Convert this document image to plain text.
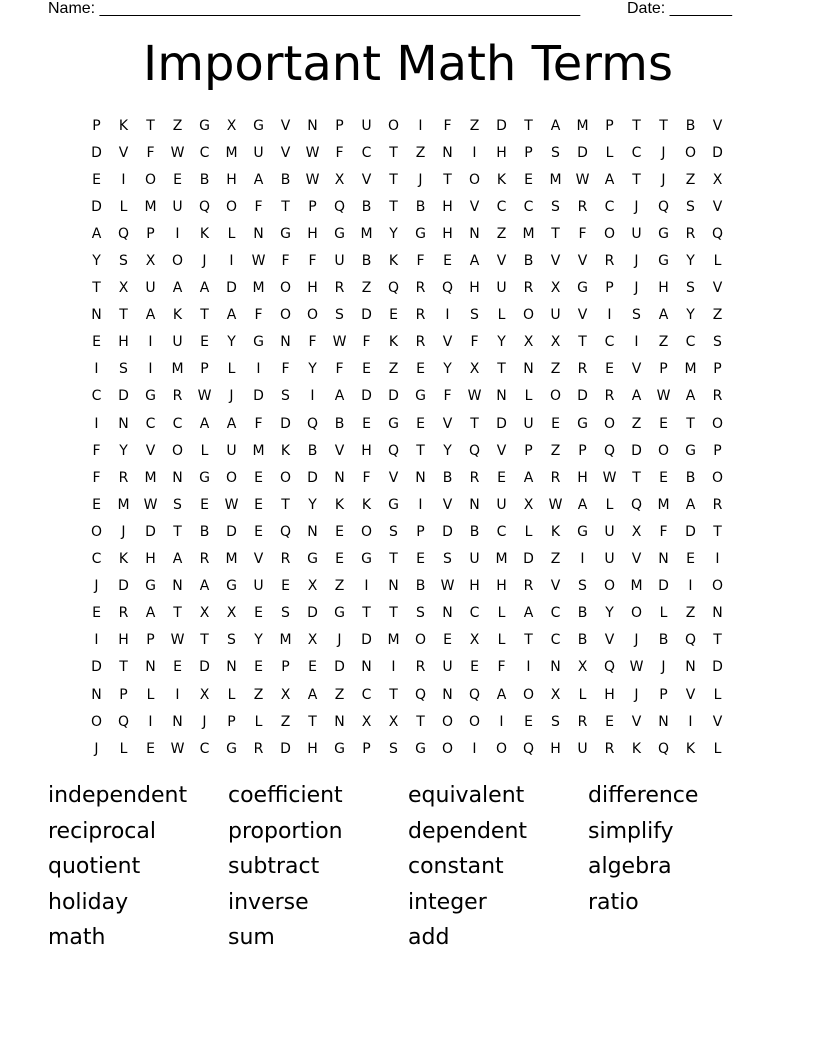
Name: ______________________________________________________	Date: _______
Important Math Terms
P	K	T	Z	G	X	G	V	N	P	U	O	I	F	Z	D	T	A	M	P	T	T	B	V
D	V	F	W	C	M	U	V	W	F	C	T	Z	N	I	H	P	S	D	L	C	J	O	D
E	I	O	E	B	H	A	B	W	X	V	T	J	T	O	K	E	M	W	A	T	J	Z	X
D	L	M	U	Q	O	F	T	P	Q	B	T	B	H	V	C	C	S	R	C	J	Q	S	V
A	Q	P	I	K	L	N	G	H	G	M	Y	G	H	N	Z	M	T	F	O	U	G	R	Q
Y	S	X	O	J	I	W	F	F	U	B	K	F	E	A	V	B	V	V	R	J	G	Y	L
T	X	U	A	A	D	M	O	H	R	Z	Q	R	Q	H	U	R	X	G	P	J	H	S	V
N	T	A	K	T	A	F	O	O	S	D	E	R	I	S	L	O	U	V	I	S	A	Y	Z
E	H	I	U	E	Y	G	N	F	W	F	K	R	V	F	Y	X	X	T	C	I	Z	C	S
I	S	I	M	P	L	I	F	Y	F	E	Z	E	Y	X	T	N	Z	R	E	V	P	M	P
C	D	G	R	W	J	D	S	I	A	D	D	G	F	W	N	L	O	D	R	A	W	A	R
I	N	C	C	A	A	F	D	Q	B	E	G	E	V	T	D	U	E	G	O	Z	E	T	O
F	Y	V	O	L	U	M	K	B	V	H	Q	T	Y	Q	V	P	Z	P	Q	D	O	G	P
F	R	M	N	G	O	E	O	D	N	F	V	N	B	R	E	A	R	H	W	T	E	B	O
E	M	W	S	E	W	E	T	Y	K	K	G	I	V	N	U	X	W	A	L	Q	M	A	R
O	J	D	T	B	D	E	Q	N	E	O	S	P	D	B	C	L	K	G	U	X	F	D	T
C	K	H	A	R	M	V	R	G	E	G	T	E	S	U	M	D	Z	I	U	V	N	E	I
J	D	G	N	A	G	U	E	X	Z	I	N	B	W	H	H	R	V	S	O	M	D	I	O
E	R	A	T	X	X	E	S	D	G	T	T	S	N	C	L	A	C	B	Y	O	L	Z	N
I	H	P	W	T	S	Y	M	X	J	D	M	O	E	X	L	T	C	B	V	J	B	Q	T
D	T	N	E	D	N	E	P	E	D	N	I	R	U	E	F	I	N	X	Q	W	J	N	D
N	P	L	I	X	L	Z	X	A	Z	C	T	Q	N	Q	A	O	X	L	H	J	P	V	L
O	Q	I	N	J	P	L	Z	T	N	X	X	T	O	O	I	E	S	R	E	V	N	I	V
J	L	E	W	C	G	R	D	H	G	P	S	G	O	I	O	Q	H	U	R	K	Q	K	L
independent
reciprocal
quotient
holiday
math
coefficient
proportion
subtract
inverse
sum
equivalent
dependent
constant
integer
add
difference
simplify
algebra
ratio
